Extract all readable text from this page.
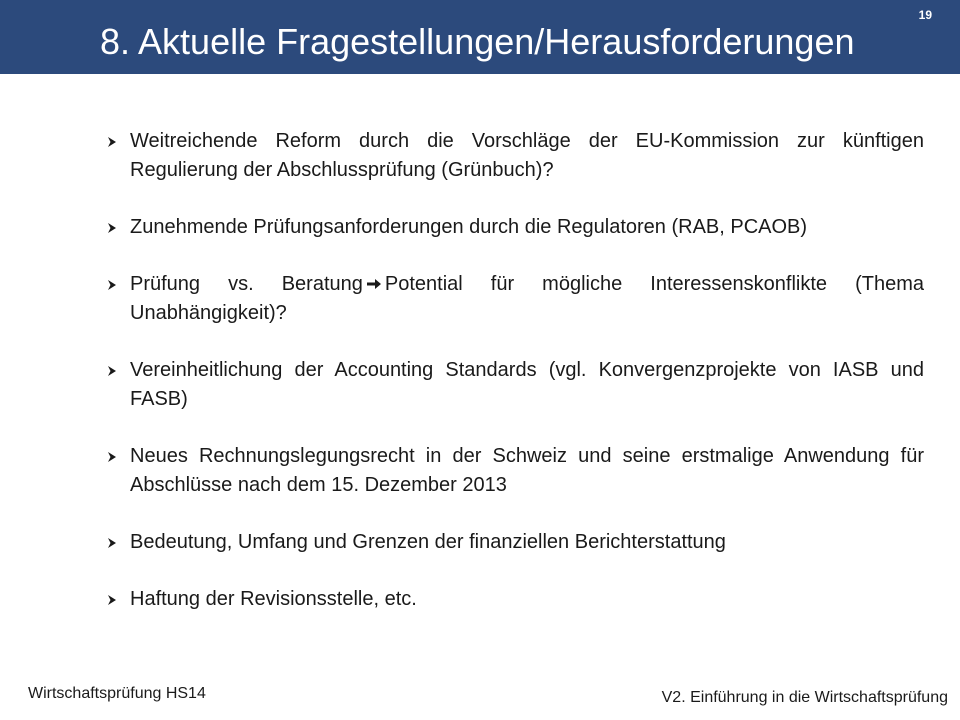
8. Aktuelle Fragestellungen/Herausforderungen
19
Weitreichende Reform durch die Vorschläge der EU-Kommission zur künftigen Regulierung der Abschlussprüfung (Grünbuch)?
Zunehmende Prüfungsanforderungen durch die Regulatoren (RAB, PCAOB)
Prüfung vs. Beratung Potential für mögliche Interessenskonflikte (Thema Unabhängigkeit)?
Vereinheitlichung der Accounting Standards (vgl. Konvergenzprojekte von IASB und FASB)
Neues Rechnungslegungsrecht in der Schweiz und seine erstmalige Anwendung für Abschlüsse nach dem 15. Dezember 2013
Bedeutung, Umfang und Grenzen der finanziellen Berichterstattung
Haftung der Revisionsstelle, etc.
Wirtschaftsprüfung HS14	V2. Einführung in die Wirtschaftsprüfung
